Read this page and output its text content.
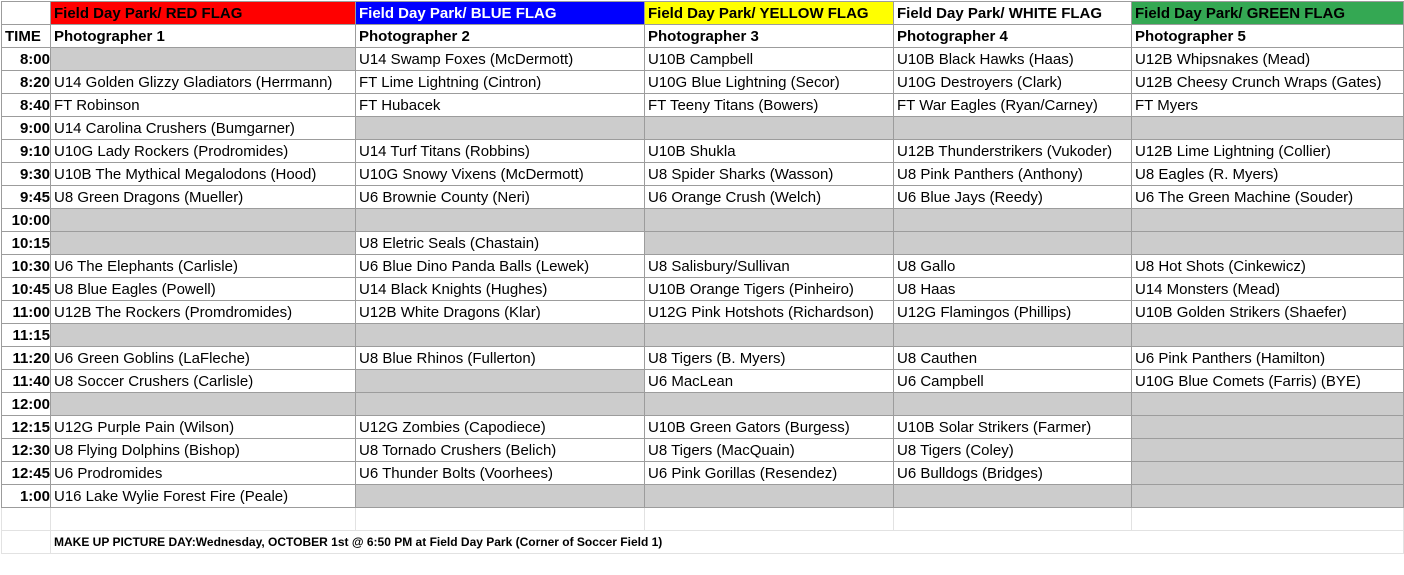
	Field Day Park/ RED FLAG	Field Day Park/ BLUE FLAG	Field Day Park/ YELLOW FLAG	Field Day Park/ WHITE FLAG	Field Day Park/ GREEN FLAG
TIME	Photographer 1	Photographer 2	Photographer 3	Photographer 4	Photographer 5
8:00		U14 Swamp Foxes (McDermott)	U10B Campbell	U10B Black Hawks (Haas)	U12B Whipsnakes (Mead)
8:20	U14 Golden Glizzy Gladiators (Herrmann)	FT Lime Lightning (Cintron)	U10G Blue Lightning (Secor)	U10G Destroyers (Clark)	U12B Cheesy Crunch Wraps (Gates)
8:40	FT Robinson	FT Hubacek	FT Teeny Titans (Bowers)	FT War Eagles (Ryan/Carney)	FT Myers
9:00	U14 Carolina Crushers (Bumgarner)				
9:10	U10G Lady Rockers (Prodromides)	U14 Turf Titans (Robbins)	U10B Shukla	U12B Thunderstrikers (Vukoder)	U12B Lime Lightning (Collier)
9:30	U10B The Mythical Megalodons (Hood)	U10G Snowy Vixens (McDermott)	U8 Spider Sharks (Wasson)	U8 Pink Panthers (Anthony)	U8 Eagles (R. Myers)
9:45	U8 Green Dragons (Mueller)	U6 Brownie County (Neri)	U6 Orange Crush (Welch)	U6 Blue Jays (Reedy)	U6 The Green Machine (Souder)
10:00					
10:15		U8 Eletric Seals (Chastain)			
10:30	U6 The Elephants (Carlisle)	U6 Blue Dino Panda Balls (Lewek)	U8 Salisbury/Sullivan	U8 Gallo	U8 Hot Shots (Cinkewicz)
10:45	U8 Blue Eagles (Powell)	U14 Black Knights (Hughes)	U10B Orange Tigers (Pinheiro)	U8 Haas	U14 Monsters (Mead)
11:00	U12B The Rockers (Promdromides)	U12B White Dragons (Klar)	U12G Pink Hotshots (Richardson)	U12G Flamingos (Phillips)	U10B Golden Strikers (Shaefer)
11:15					
11:20	U6 Green Goblins (LaFleche)	U8 Blue Rhinos (Fullerton)	U8 Tigers (B. Myers)	U8 Cauthen	U6 Pink Panthers (Hamilton)
11:40	U8 Soccer Crushers (Carlisle)		U6 MacLean	U6 Campbell	U10G Blue Comets (Farris) (BYE)
12:00					
12:15	U12G Purple Pain (Wilson)	U12G Zombies (Capodiece)	U10B Green Gators (Burgess)	U10B Solar Strikers (Farmer)	
12:30	U8 Flying Dolphins (Bishop)	U8 Tornado Crushers (Belich)	U8 Tigers (MacQuain)	U8 Tigers (Coley)	
12:45	U6 Prodromides	U6 Thunder Bolts (Voorhees)	U6 Pink Gorillas (Resendez)	U6 Bulldogs (Bridges)	
1:00	U16 Lake Wylie Forest Fire (Peale)				

	MAKE UP PICTURE DAY:Wednesday, OCTOBER 1st @ 6:50 PM at Field Day Park (Corner of Soccer Field 1)				
